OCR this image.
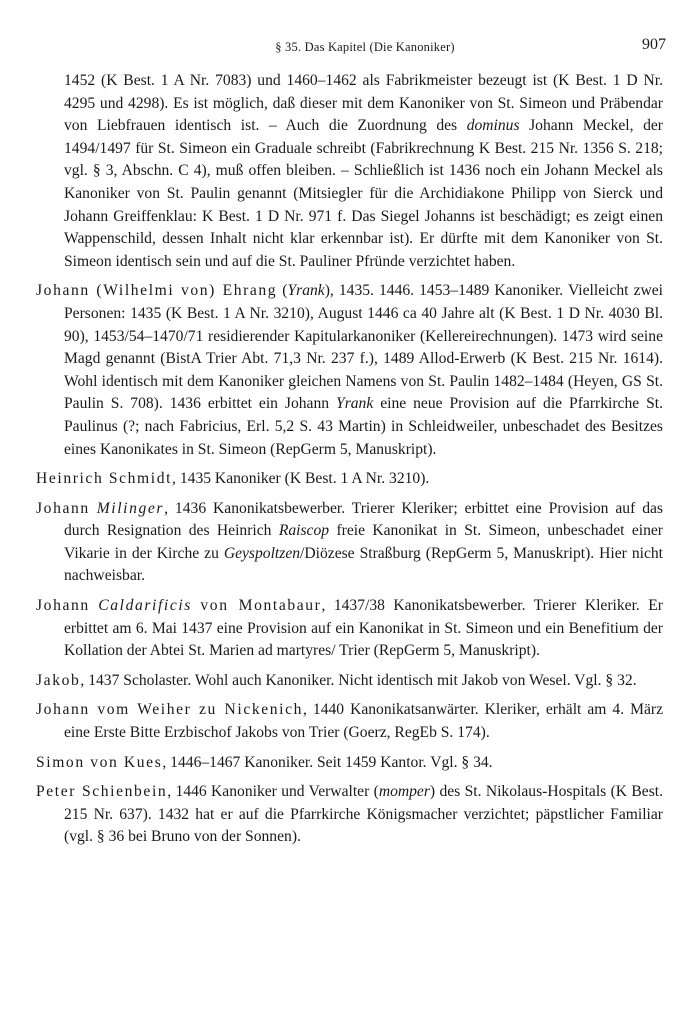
§ 35. Das Kapitel (Die Kanoniker)	907

1452 (K Best. 1 A Nr. 7083) und 1460–1462 als Fabrikmeister bezeugt ist (K Best. 1 D Nr. 4295 und 4298). Es ist möglich, daß dieser mit dem Kanoniker von St. Simeon und Präbendar von Liebfrauen identisch ist. – Auch die Zuordnung des dominus Johann Meckel, der 1494/1497 für St. Simeon ein Graduale schreibt (Fabrikrechnung K Best. 215 Nr. 1356 S. 218; vgl. § 3, Abschn. C 4), muß offen bleiben. – Schließlich ist 1436 noch ein Johann Meckel als Kanoniker von St. Paulin genannt (Mitsiegler für die Archidiakone Philipp von Sierck und Johann Greiffenklau: K Best. 1 D Nr. 971 f. Das Siegel Johanns ist beschädigt; es zeigt einen Wappenschild, dessen Inhalt nicht klar erkennbar ist). Er dürfte mit dem Kanoniker von St. Simeon identisch sein und auf die St. Pauliner Pfründe verzichtet haben.

Johann (Wilhelmi von) Ehrang (Yrank), 1435. 1446. 1453–1489 Kanoniker. Vielleicht zwei Personen: 1435 (K Best. 1 A Nr. 3210), August 1446 ca 40 Jahre alt (K Best. 1 D Nr. 4030 Bl. 90), 1453/54–1470/71 residierender Kapitularkanoniker (Kellereirechnungen). 1473 wird seine Magd genannt (BistA Trier Abt. 71,3 Nr. 237 f.), 1489 Allod-Erwerb (K Best. 215 Nr. 1614). Wohl identisch mit dem Kanoniker gleichen Namens von St. Paulin 1482–1484 (Heyen, GS St. Paulin S. 708). 1436 erbittet ein Johann Yrank eine neue Provision auf die Pfarrkirche St. Paulinus (?; nach Fabricius, Erl. 5,2 S. 43 Martin) in Schleidweiler, unbeschadet des Besitzes eines Kanonikates in St. Simeon (RepGerm 5, Manuskript).

Heinrich Schmidt, 1435 Kanoniker (K Best. 1 A Nr. 3210).

Johann Milinger, 1436 Kanonikatsbewerber. Trierer Kleriker; erbittet eine Provision auf das durch Resignation des Heinrich Raiscop freie Kanonikat in St. Simeon, unbeschadet einer Vikarie in der Kirche zu Geyspoltzen/Diözese Straßburg (RepGerm 5, Manuskript). Hier nicht nachweisbar.

Johann Caldarificis von Montabaur, 1437/38 Kanonikatsbewerber. Trierer Kleriker. Er erbittet am 6. Mai 1437 eine Provision auf ein Kanonikat in St. Simeon und ein Benefitium der Kollation der Abtei St. Marien ad martyres/ Trier (RepGerm 5, Manuskript).

Jakob, 1437 Scholaster. Wohl auch Kanoniker. Nicht identisch mit Jakob von Wesel. Vgl. § 32.

Johann vom Weiher zu Nickenich, 1440 Kanonikatsanwärter. Kleriker, erhält am 4. März eine Erste Bitte Erzbischof Jakobs von Trier (Goerz, RegEb S. 174).

Simon von Kues, 1446–1467 Kanoniker. Seit 1459 Kantor. Vgl. § 34.

Peter Schienbein, 1446 Kanoniker und Verwalter (momper) des St. Nikolaus-Hospitals (K Best. 215 Nr. 637). 1432 hat er auf die Pfarrkirche Königsmacher verzichtet; päpstlicher Familiar (vgl. § 36 bei Bruno von der Sonnen).
